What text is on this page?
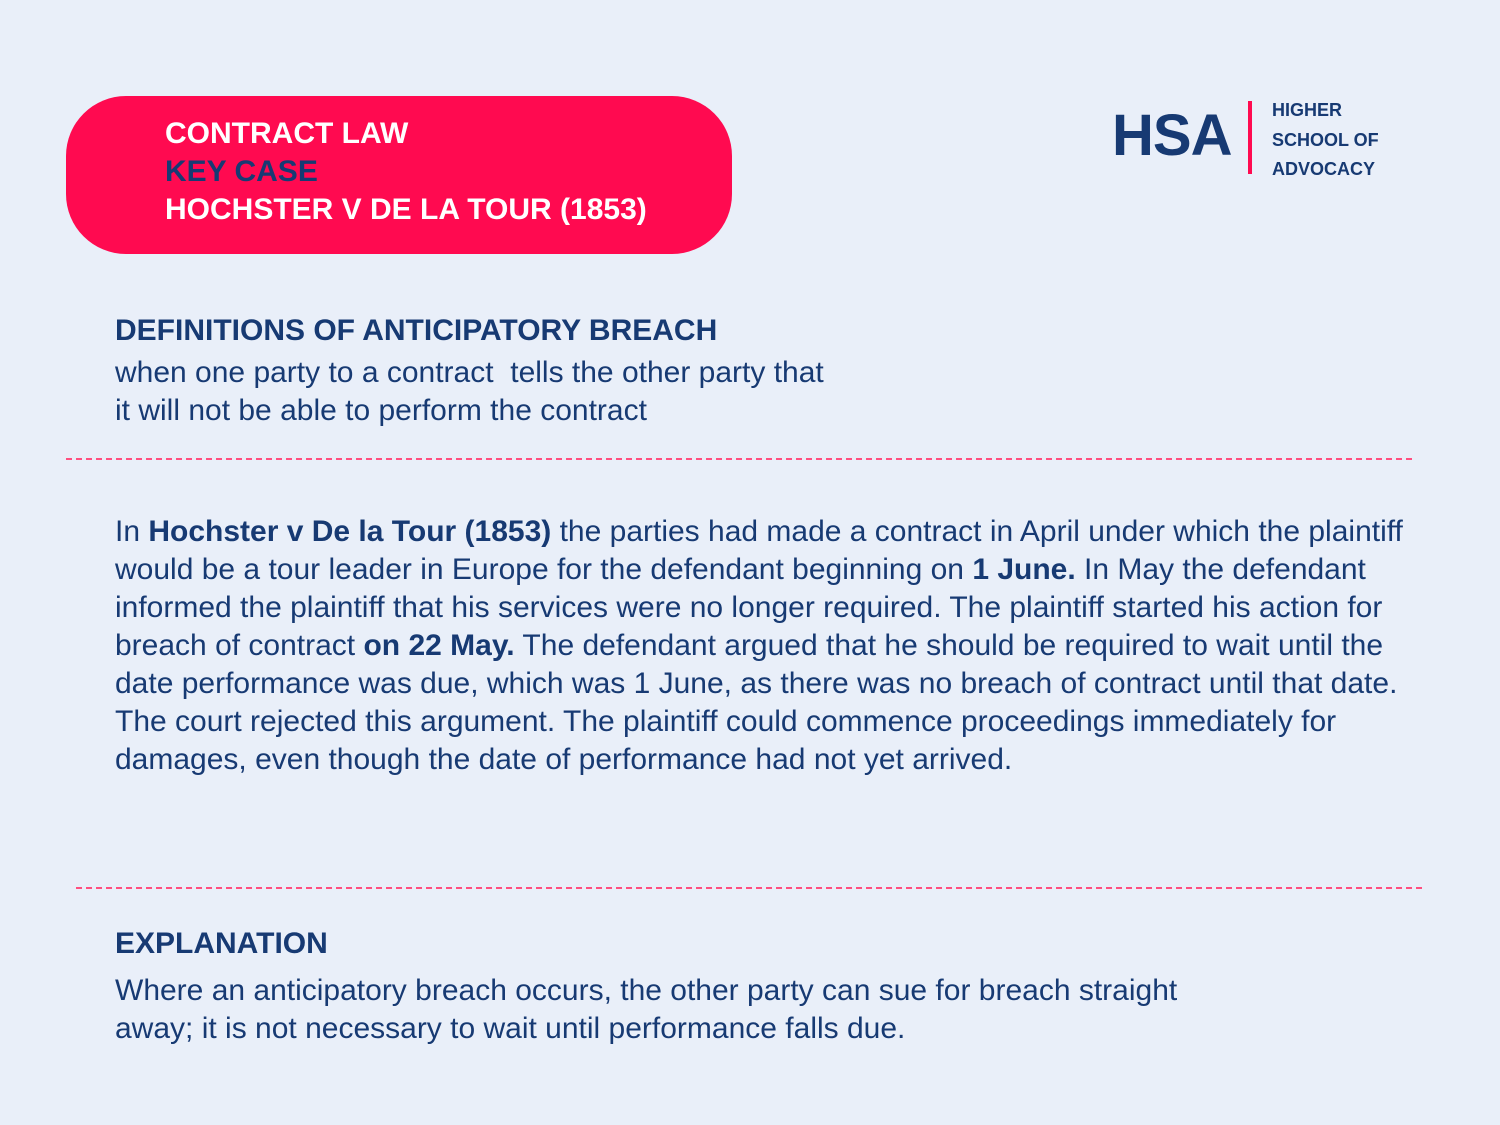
CONTRACT LAW
KEY CASE
HOCHSTER V DE LA TOUR (1853)
HSA HIGHER
SCHOOL OF
ADVOCACY
DEFINITIONS OF ANTICIPATORY BREACH
when one party to a contract  tells the other party that
it will not be able to perform the contract
In Hochster v De la Tour (1853) the parties had made a contract in April under which the plaintiff would be a tour leader in Europe for the defendant beginning on 1 June. In May the defendant informed the plaintiff that his services were no longer required. The plaintiff started his action for breach of contract on 22 May. The defendant argued that he should be required to wait until the date performance was due, which was 1 June, as there was no breach of contract until that date. The court rejected this argument. The plaintiff could commence proceedings immediately for damages, even though the date of performance had not yet arrived.
EXPLANATION
Where an anticipatory breach occurs, the other party can sue for breach straight
away; it is not necessary to wait until performance falls due.
